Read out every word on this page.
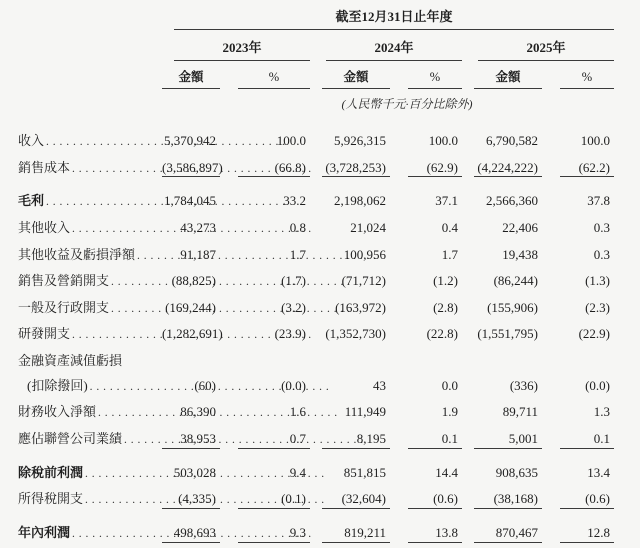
	截至12月31日止年度						

	2023年		2024年		2025年		

	金額	%	金額	%	金額	%	

	(人民幣千元·百分比除外)						

收入 . . .	5,370,942	100.0	5,926,315	100.0	6,790,582	100.0	

銷售成本 . . .	(3,586,897)	(66.8)	(3,728,253)	(62.9)	(4,224,222)	(62.2)	

毛利 . . .	1,784,045	33.2	2,198,062	37.1	2,566,360	37.8	

其他收入 . . .	43,273	0.8	21,024	0.4	22,406	0.3	

其他收益及虧損淨額 . . .	91,187	1.7	100,956	1.7	19,438	0.3	

銷售及營銷開支 . . .	(88,825)	(1.7)	(71,712)	(1.2)	(86,244)	(1.3)	

一般及行政開支 . . .	(169,244)	(3.2)	(163,972)	(2.8)	(155,906)	(2.3)	

研發開支 . . .	(1,282,691)	(23.9)	(1,352,730)	(22.8)	(1,551,795)	(22.9)	

金融資產減值虧損

(扣除撥回) . . .	(60)	(0.0)	43	0.0	(336)	(0.0)	

財務收入淨額 . . .	86,390	1.6	111,949	1.9	89,711	1.3	

應佔聯營公司業績 . . .	38,953	0.7	8,195	0.1	5,001	0.1	

除稅前利潤 . . .	503,028	9.4	851,815	14.4	908,635	13.4	

所得稅開支 . . .	(4,335)	(0.1)	(32,604)	(0.6)	(38,168)	(0.6)	

年內利潤 . . .	498,693	9.3	819,211	13.8	870,467	12.8	
